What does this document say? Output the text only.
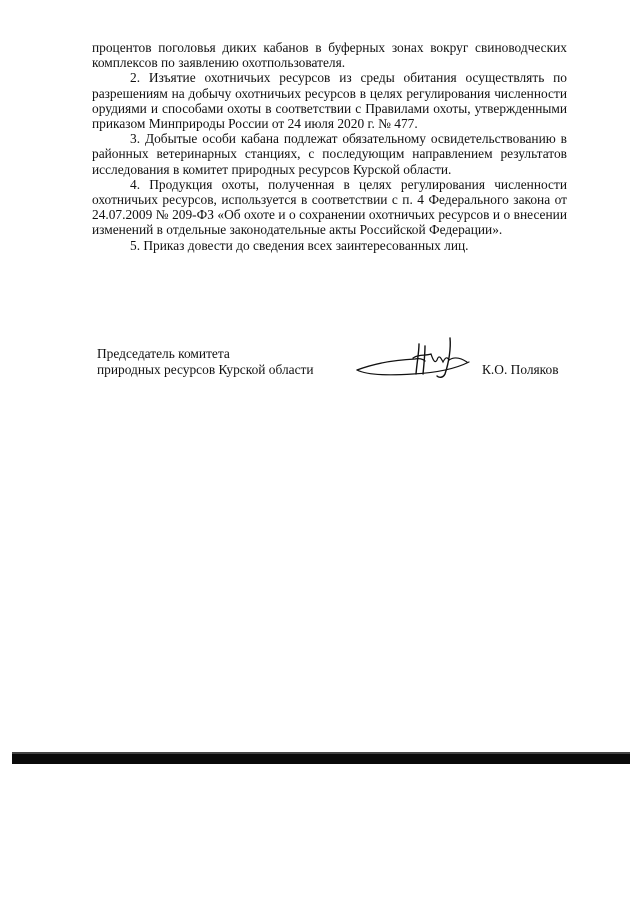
процентов поголовья диких кабанов в буферных зонах вокруг свиноводческих комплексов по заявлению охотпользователя.

2. Изъятие охотничьих ресурсов из среды обитания осуществлять по разрешениям на добычу охотничьих ресурсов в целях регулирования численности орудиями и способами охоты в соответствии с Правилами охоты, утвержденными приказом Минприроды России от 24 июля 2020 г. № 477.

3. Добытые особи кабана подлежат обязательному освидетельствованию в районных ветеринарных станциях, с последующим направлением результатов исследования в комитет природных ресурсов Курской области.

4. Продукция охоты, полученная в целях регулирования численности охотничьих ресурсов, используется в соответствии с п. 4 Федерального закона от 24.07.2009 № 209-ФЗ «Об охоте и о сохранении охотничьих ресурсов и о внесении изменений в отдельные законодательные акты Российской Федерации».

5. Приказ довести до сведения всех заинтересованных лиц.

Председатель комитета
природных ресурсов Курской области	К.О. Поляков
